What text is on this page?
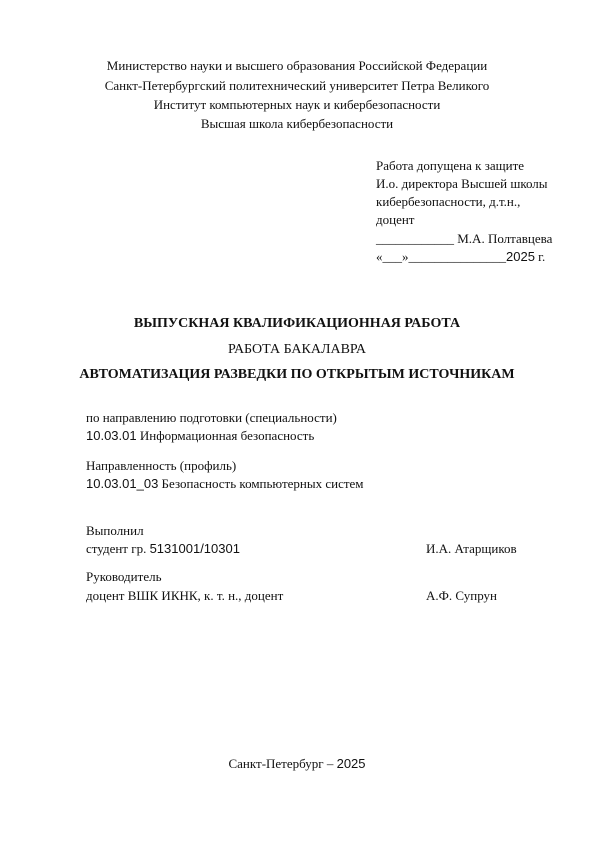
Министерство науки и высшего образования Российской Федерации
Санкт-Петербургский политехнический университет Петра Великого
Институт компьютерных наук и кибербезопасности
Высшая школа кибербезопасности
Работа допущена к защите
И.о. директора Высшей школы
кибербезопасности, д.т.н.,
доцент
____________ М.А. Полтавцева
«___»_______________2025 г.
ВЫПУСКНАЯ КВАЛИФИКАЦИОННАЯ РАБОТА
РАБОТА БАКАЛАВРА
АВТОМАТИЗАЦИЯ РАЗВЕДКИ ПО ОТКРЫТЫМ ИСТОЧНИКАМ
по направлению подготовки (специальности)
10.03.01 Информационная безопасность
Направленность (профиль)
10.03.01_03 Безопасность компьютерных систем
Выполнил
студент гр. 5131001/10301	И.А. Атарщиков
Руководитель
доцент ВШК ИКНК, к. т. н., доцент	А.Ф. Супрун
Санкт-Петербург – 2025
